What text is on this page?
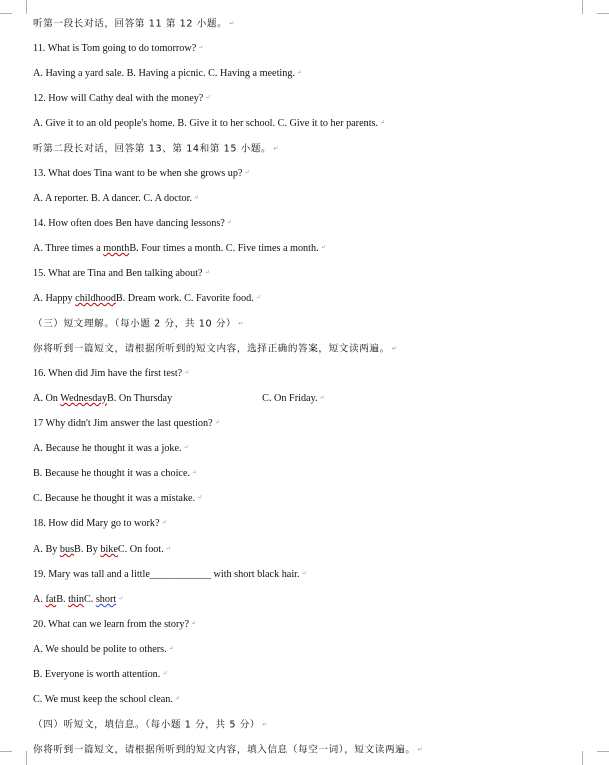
听第一段长对话，回答第 11 第 12 小题。 ↵
11. What is Tom going to do tomorrow? ↵
A. Having a yard sale. B. Having a picnic. C. Having a meeting. ↵
12. How will Cathy deal with the money? ↵
A. Give it to an old people's home. B. Give it to her school. C. Give it to her parents. ↵
听第二段长对话，回答第 13、第 14和第 15 小题。 ↵
13. What does Tina want to be when she grows up? ↵
A. A reporter. B. A dancer. C. A doctor. ↵
14. How often does Ben have dancing lessons? ↵
A. Three times a monthB. Four times a month. C. Five times a month. ↵
15. What are Tina and Ben talking about? ↵
A. Happy childhoodB. Dream work. C. Favorite food. ↵
（三）短文理解。（每小题 2 分，共 10 分） ↵
你将听到一篇短文，请根据所听到的短文内容，选择正确的答案，短文读两遍。 ↵
16. When did Jim have the first test? ↵
A. On WednesdayB. On Thursday	C. On Friday. ↵
17 Why didn't Jim answer the last question? ↵
A. Because he thought it was a joke. ↵
B. Because he thought it was a choice. ↵
C. Because he thought it was a mistake. ↵
18. How did Mary go to work? ↵
A. By busB. By bikeC. On foot. ↵
19. Mary was tall and a little____________ with short black hair. ↵
A. fatB. thinC. short ↵
20. What can we learn from the story? ↵
A. We should be polite to others. ↵
B. Everyone is worth attention. ↵
C. We must keep the school clean. ↵
（四）听短文，填信息。（每小题 1 分，共 5 分） ↵
你将听到一篇短文，请根据所听到的短文内容，填入信息（每空一词），短文读两遍。 ↵
